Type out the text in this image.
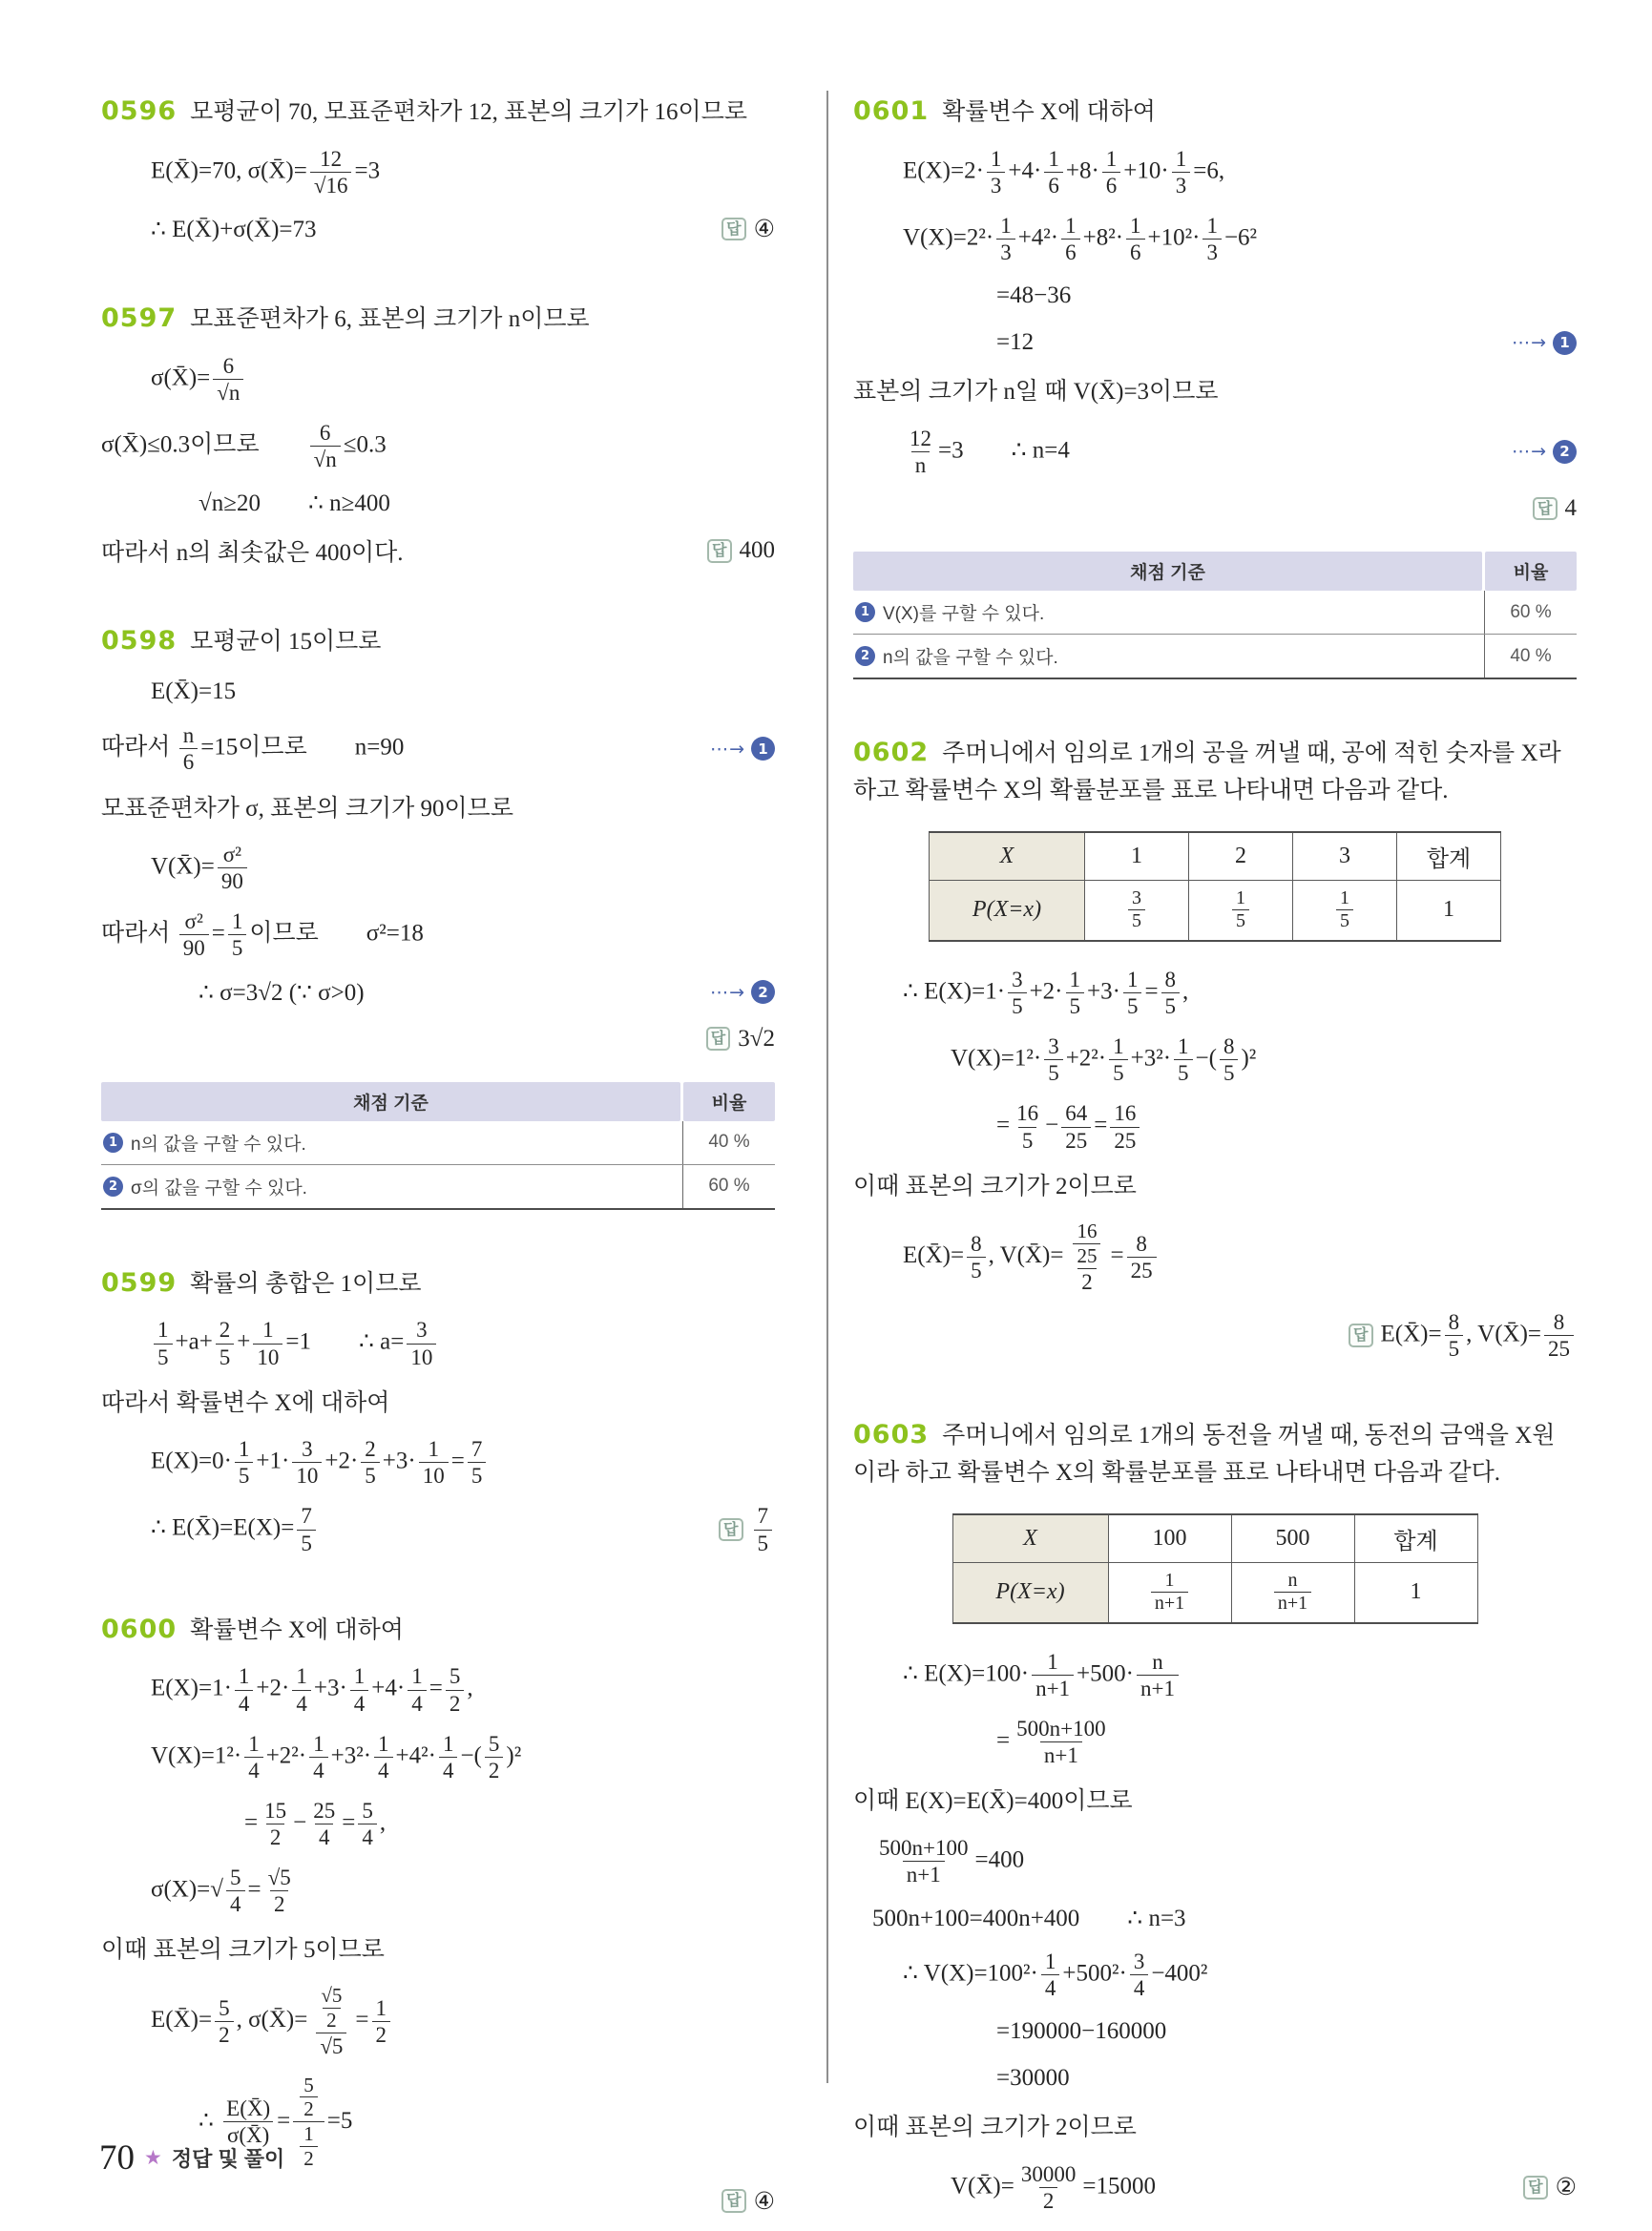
0596 모평균이 70, 모표준편차가 12, 표본의 크기가 16이므로
E(X̄)=70, σ(X̄)= $\frac{12}{√16} =3$
∴ E(X̄)+σ(X̄)=73	답 ④
0597 모표준편차가 6, 표본의 크기가 n이므로
σ(X̄)= $\frac{6}{√n}$
σ(X̄)≤0.3이므로   $\frac{6}{√n} \le 0.3$
√n≥20  ∴ n≥400
따라서 n의 최솟값은 400이다.	답 400
0598 모평균이 15이므로
E(X̄)=15
따라서 $\frac{n}{6} =15$이므로  n=90	⋯→ 1
모표준편차가 σ, 표본의 크기가 90이므로
V(X̄)= $\frac{\text{σ²}}{90}$
따라서 $\frac{\text{σ²}}{90} = \frac{1}{5}$ 이므로  σ²=18
∴ σ=3√2 (∵ σ>0)	⋯→ 2
답 3√2
채점 기준	비율
1 n의 값을 구할 수 있다.	40 %
2 σ의 값을 구할 수 있다.	60 %
0599 확률의 총합은 1이므로
$\frac{1}{5} +a+ \frac{2}{5} + \frac{1}{10} =1$  ∴ $a= \frac{3}{10}$
따라서 확률변수 X에 대하여
$E(X)=0\cdot \frac{1}{5} +1\cdot \frac{3}{10} +2\cdot \frac{2}{5} +3\cdot \frac{1}{10} = \frac{7}{5}$
∴ E(X̄)=E(X)= $\frac{7}{5}$	답 $\frac{7}{5}$
0600 확률변수 X에 대하여
$E(X)=1\cdot \frac{1}{4} +2\cdot \frac{1}{4} +3\cdot \frac{1}{4} +4\cdot \frac{1}{4} = \frac{5}{2}$ ,
$V(X)=1^2\cdot \frac{1}{4} +2^2\cdot \frac{1}{4} +3^2\cdot \frac{1}{4} +4^2\cdot \frac{1}{4}$ −( $\frac{5}{2} )^2$
= $\frac{15}{2} - \frac{25}{4} = \frac{5}{4}$ ,
$\sigma(X)=√ \frac{5}{4} = \frac{√5}{2}$
이때 표본의 크기가 5이므로
E(X̄)= $\frac{5}{2}$ , σ(X̄)= $\frac{\frac{√5}{2}}{√5} = \frac{1}{2}$
∴ $\frac{E(X̄)}{\sigma(X̄)} = \frac{\frac{5}{2}}{\frac{1}{2}} =5$
답 ④
0601 확률변수 X에 대하여
$E(X)=2\cdot \frac{1}{3} +4\cdot \frac{1}{6} +8\cdot \frac{1}{6} +10\cdot \frac{1}{3} =6$,
$V(X)=2^2\cdot \frac{1}{3} +4^2\cdot \frac{1}{6} +8^2\cdot \frac{1}{6} +10^2\cdot \frac{1}{3} -6^2$
=48−36
=12	⋯→ 1
표본의 크기가 n일 때 V(X̄)=3이므로
$\frac{12}{n} =3$  ∴ n=4	⋯→ 2
답 4
채점 기준	비율
1 V(X)를 구할 수 있다.	60 %
2 n의 값을 구할 수 있다.	40 %
0602 주머니에서 임의로 1개의 공을 꺼낼 때, 공에 적힌 숫자를 X라 하고 확률변수 X의 확률분포를 표로 나타내면 다음과 같다.
X	1	2	3	합계
P(X=x)	$\frac{3}{5}$	$\frac{1}{5}$	$\frac{1}{5}$	1
∴ $E(X)=1\cdot \frac{3}{5} +2\cdot \frac{1}{5} +3\cdot \frac{1}{5} = \frac{8}{5}$ ,
$V(X)=1^2\cdot \frac{3}{5} +2^2\cdot \frac{1}{5} +3^2\cdot \frac{1}{5}$ −( $\frac{8}{5} )^2$
= $\frac{16}{5} - \frac{64}{25} = \frac{16}{25}$
이때 표본의 크기가 2이므로
E(X̄)= $\frac{8}{5}$ , V(X̄)= $\frac{\frac{16}{25}}{2} = \frac{8}{25}$
답 E(X̄)= $\frac{8}{5}$ , V(X̄)= $\frac{8}{25}$
0603 주머니에서 임의로 1개의 동전을 꺼낼 때, 동전의 금액을 X원이라 하고 확률변수 X의 확률분포를 표로 나타내면 다음과 같다.
X	100	500	합계
P(X=x)	$\frac{1}{n+1}$	$\frac{n}{n+1}$	1
∴ $E(X)=100\cdot \frac{1}{n+1} +500\cdot \frac{n}{n+1}$
= $\frac{500n+100}{n+1}$
이때 E(X)=E(X̄)=400이므로
$\frac{500n+100}{n+1} =400$
500n+100=400n+400  ∴ n=3
∴ $V(X)=100^2\cdot \frac{1}{4} +500^2\cdot \frac{3}{4} -400^2$
=190000−160000
=30000
이때 표본의 크기가 2이므로
V(X̄)= $\frac{30000}{2} =15000$	답 ②
70 ★ 정답 및 풀이
